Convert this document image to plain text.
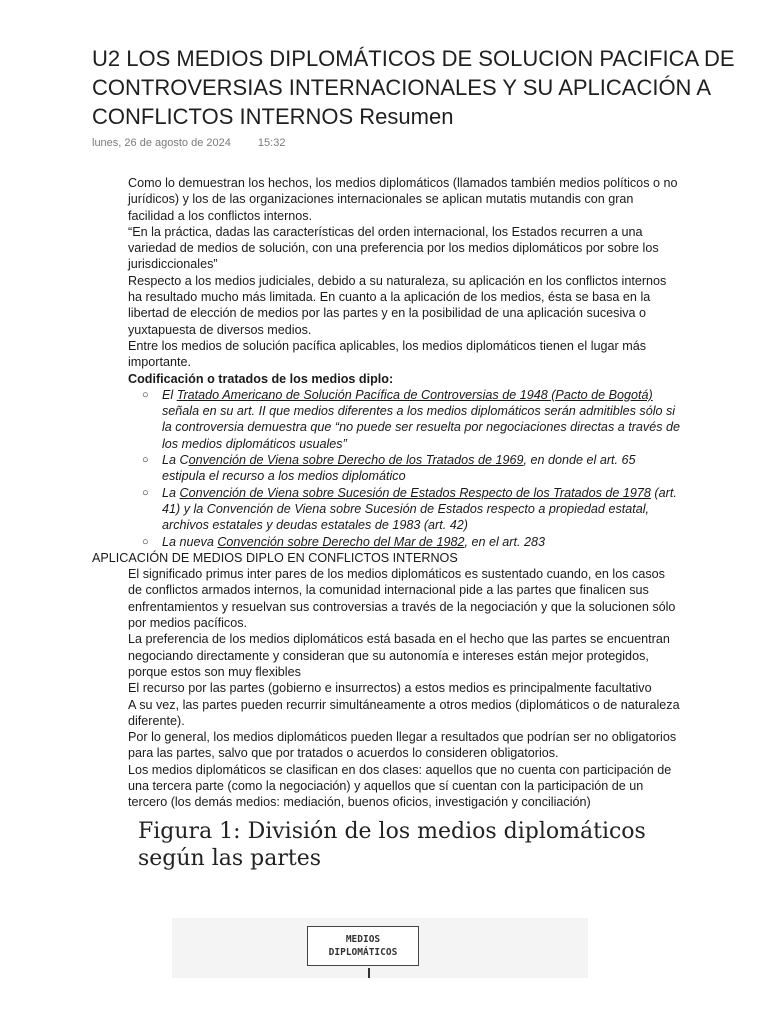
U2 LOS MEDIOS DIPLOMÁTICOS DE SOLUCION PACIFICA DE CONTROVERSIAS INTERNACIONALES Y SU APLICACIÓN A CONFLICTOS INTERNOS Resumen
lunes, 26 de agosto de 2024 15:32

Como lo demuestran los hechos, los medios diplomáticos (llamados también medios políticos o no jurídicos) y los de las organizaciones internacionales se aplican mutatis mutandis con gran facilidad a los conflictos internos.

“En la práctica, dadas las características del orden internacional, los Estados recurren a una variedad de medios de solución, con una preferencia por los medios diplomáticos por sobre los jurisdiccionales”

Respecto a los medios judiciales, debido a su naturaleza, su aplicación en los conflictos internos ha resultado mucho más limitada. En cuanto a la aplicación de los medios, ésta se basa en la libertad de elección de medios por las partes y en la posibilidad de una aplicación sucesiva o yuxtapuesta de diversos medios.

Entre los medios de solución pacífica aplicables, los medios diplomáticos tienen el lugar más importante.

Codificación o tratados de los medios diplo:

○ El Tratado Americano de Solución Pacífica de Controversias de 1948 (Pacto de Bogotá) señala en su art. II que medios diferentes a los medios diplomáticos serán admitibles sólo si la controversia demuestra que “no puede ser resuelta por negociaciones directas a través de los medios diplomáticos usuales”
○ La Convención de Viena sobre Derecho de los Tratados de 1969, en donde el art. 65 estipula el recurso a los medios diplomático
○ La Convención de Viena sobre Sucesión de Estados Respecto de los Tratados de 1978 (art. 41) y la Convención de Viena sobre Sucesión de Estados respecto a propiedad estatal, archivos estatales y deudas estatales de 1983 (art. 42)
○ La nueva Convención sobre Derecho del Mar de 1982, en el art. 283

APLICACIÓN DE MEDIOS DIPLO EN CONFLICTOS INTERNOS

El significado primus inter pares de los medios diplomáticos es sustentado cuando, en los casos de conflictos armados internos, la comunidad internacional pide a las partes que finalicen sus enfrentamientos y resuelvan sus controversias a través de la negociación y que la solucionen sólo por medios pacíficos.

La preferencia de los medios diplomáticos está basada en el hecho que las partes se encuentran negociando directamente y consideran que su autonomía e intereses están mejor protegidos, porque estos son muy flexibles

El recurso por las partes (gobierno e insurrectos) a estos medios es principalmente facultativo

A su vez, las partes pueden recurrir simultáneamente a otros medios (diplomáticos o de naturaleza diferente).

Por lo general, los medios diplomáticos pueden llegar a resultados que podrían ser no obligatorios para las partes, salvo que por tratados o acuerdos lo consideren obligatorios.

Los medios diplomáticos se clasifican en dos clases: aquellos que no cuenta con participación de una tercera parte (como la negociación) y aquellos que sí cuentan con la participación de un tercero (los demás medios: mediación, buenos oficios, investigación y conciliación)

Figura 1: División de los medios diplomáticos
según las partes
MEDIOS
DIPLOMÁTICOS
